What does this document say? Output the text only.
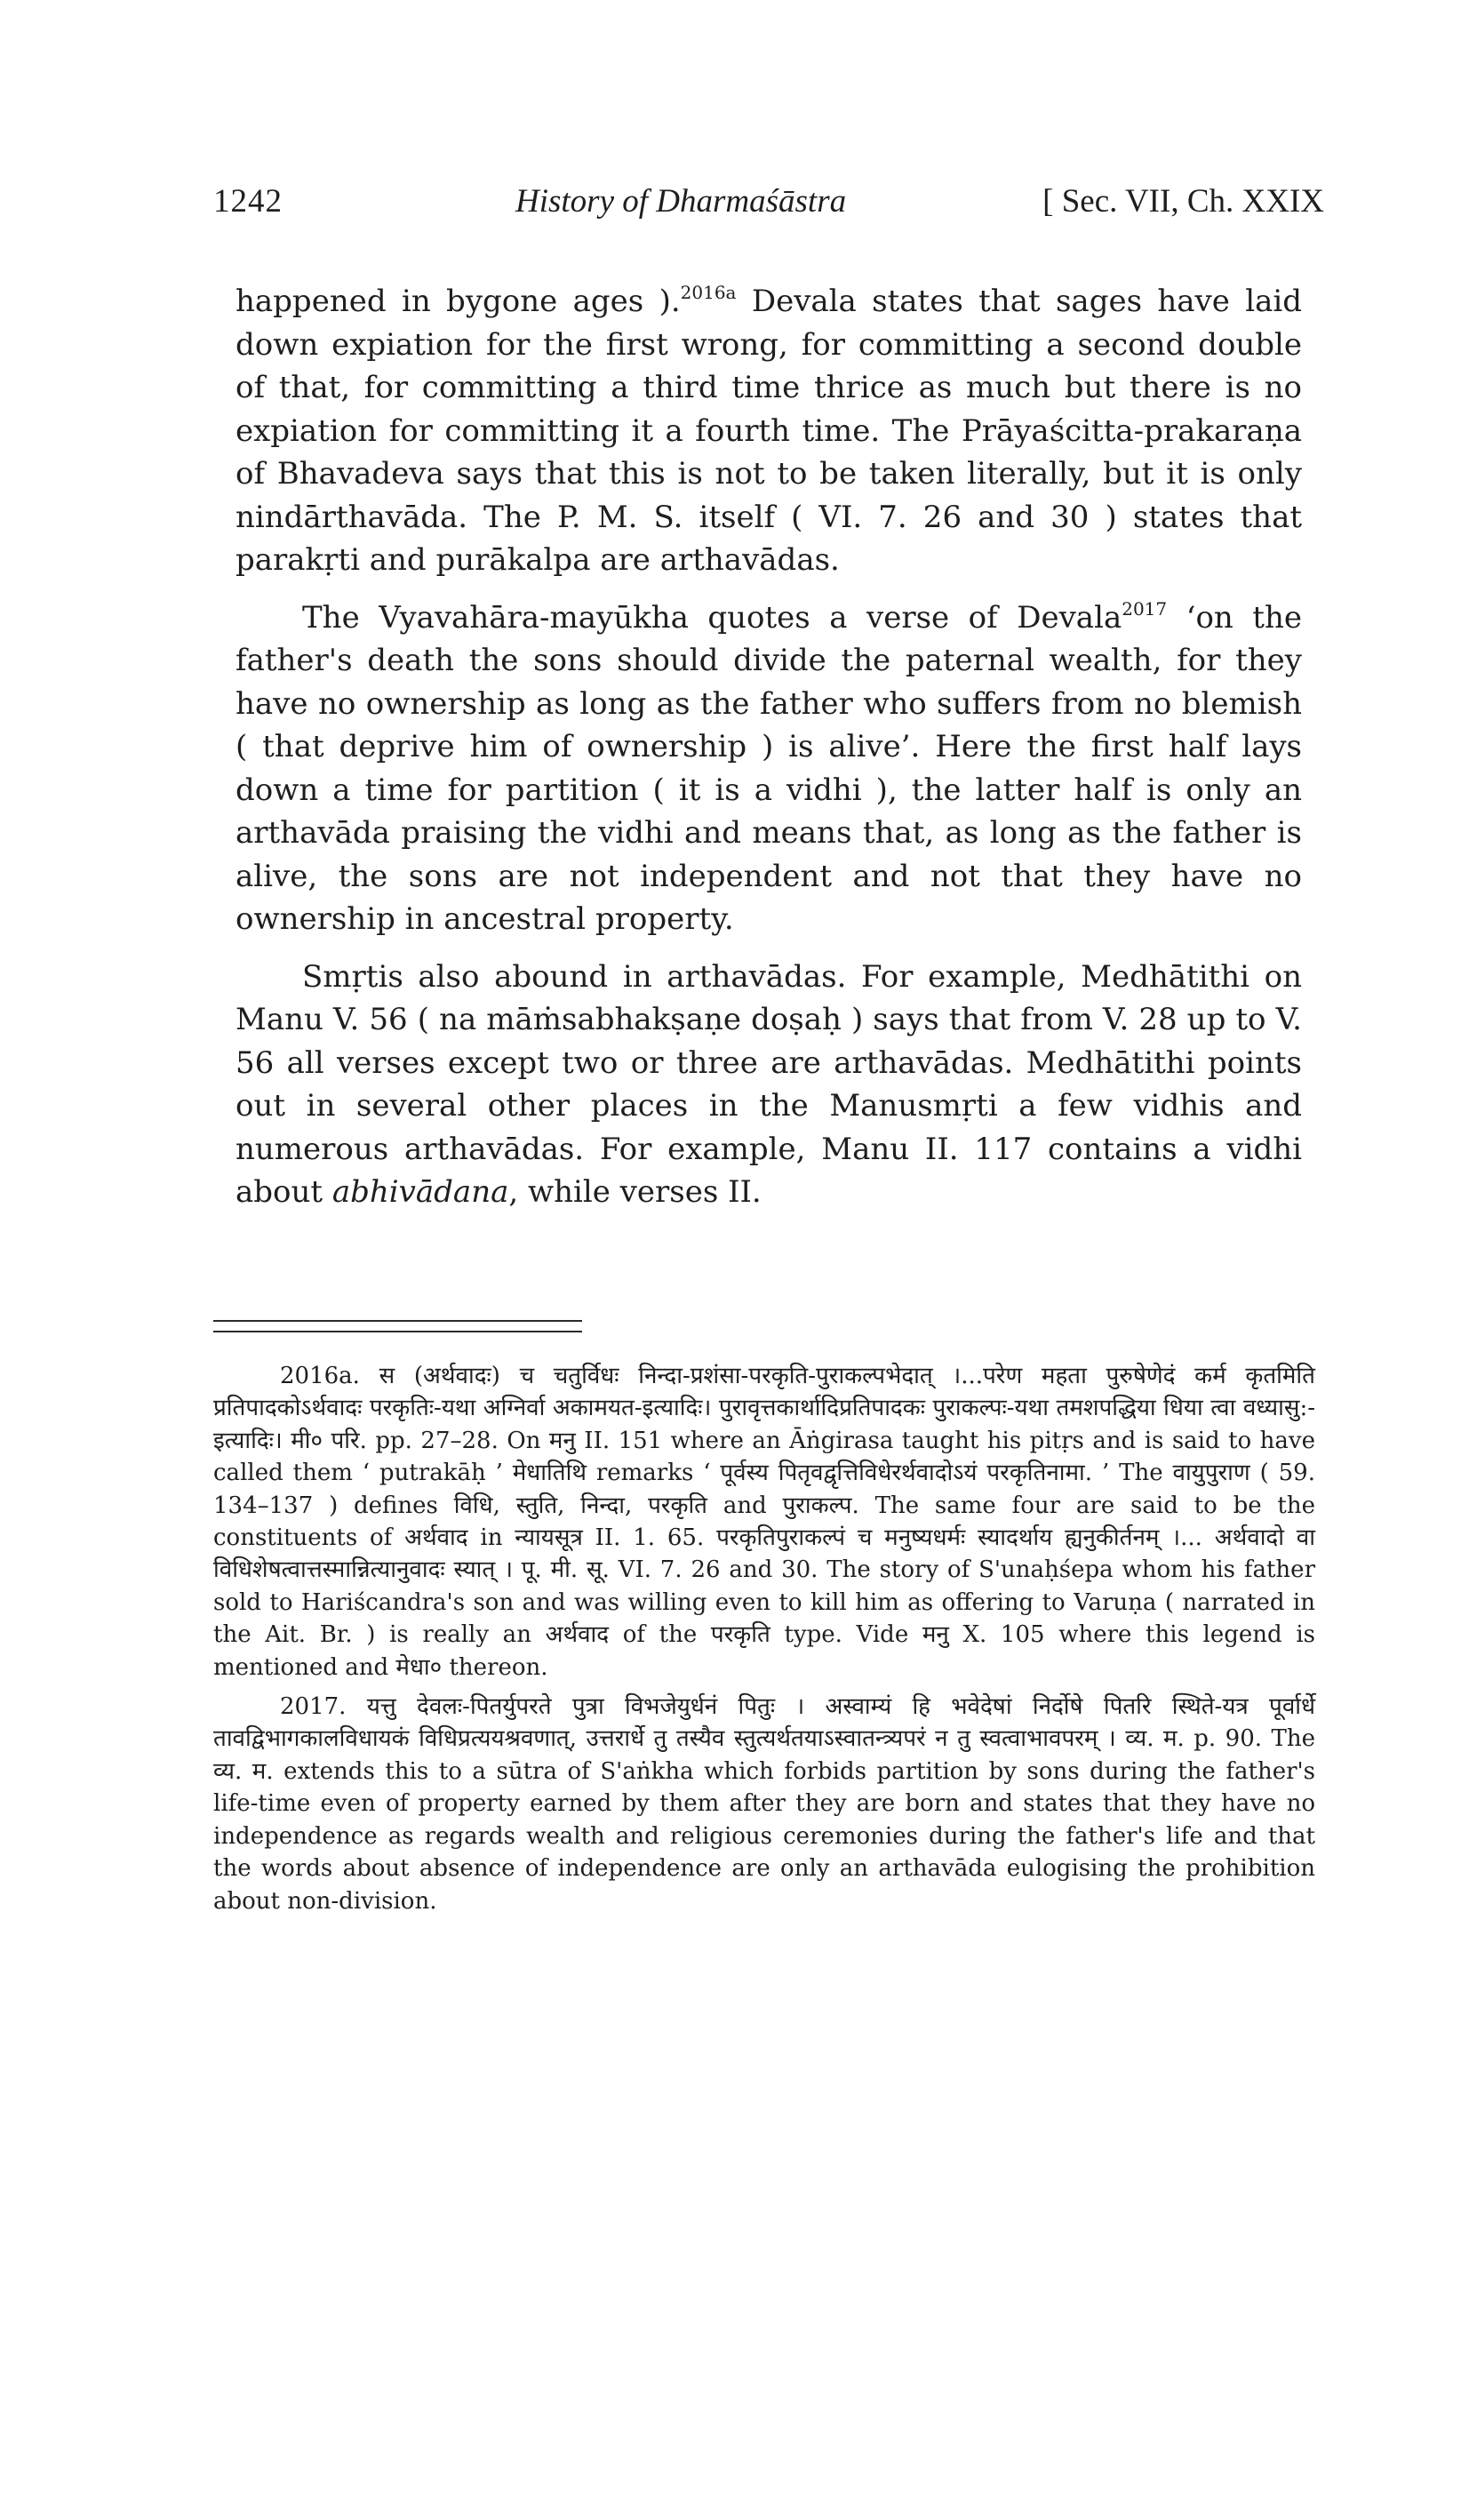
1242	History of Dharmaśāstra	[ Sec. VII, Ch. XXIX

happened in bygone ages ).$^{2016a}$ Devala states that sages have laid down expiation for the first wrong, for committing a second double of that, for committing a third time thrice as much but there is no expiation for committing it a fourth time. The Prāyaścitta-prakaraṇa of Bhavadeva says that this is not to be taken literally, but it is only nindārthavāda. The P. M. S. itself ( VI. 7. 26 and 30 ) states that parakṛti and purākalpa are arthavādas.

The Vyavahāra-mayūkha quotes a verse of Devala$^{2017}$ ‘on the father's death the sons should divide the paternal wealth, for they have no ownership as long as the father who suffers from no blemish ( that deprive him of ownership ) is alive’. Here the first half lays down a time for partition ( it is a vidhi ), the latter half is only an arthavāda praising the vidhi and means that, as long as the father is alive, the sons are not independent and not that they have no ownership in ancestral property.

Smṛtis also abound in arthavādas. For example, Medhātithi on Manu V. 56 ( na māṁsabhakṣaṇe doṣaḥ ) says that from V. 28 up to V. 56 all verses except two or three are arthavādas. Medhātithi points out in several other places in the Manusmṛti a few vidhis and numerous arthavādas. For example, Manu II. 117 contains a vidhi about abhivādana, while verses II.

2016a. स (अर्थवादः) च चतुर्विधः निन्दा-प्रशंसा-परकृति-पुराकल्पभेदात् ।...परेण महता पुरुषेणेदं कर्म कृतमिति प्रतिपादकोऽर्थवादः परकृतिः-यथा अग्निर्वा अकामयत-इत्यादिः। पुरावृत्तकार्थादिप्रतिपादकः पुराकल्पः-यथा तमशपद्धिया धिया त्वा वध्यासु:-इत्यादिः। मी० परि. pp. 27–28. On मनु II. 151 where an Āṅgirasa taught his pitṛs and is said to have called them ‘ putrakāḥ ’ मेधातिथि remarks ‘ पूर्वस्य पितृवद्वृत्तिविधेरर्थवादोऽयं परकृतिनामा. ’ The वायुपुराण ( 59. 134–137 ) defines विधि, स्तुति, निन्दा, परकृति and पुराकल्प. The same four are said to be the constituents of अर्थवाद in न्यायसूत्र II. 1. 65. परकृतिपुराकल्पं च मनुष्यधर्मः स्यादर्थाय ह्यनुकीर्तनम् ।... अर्थवादो वा विधिशेषत्वात्तस्मान्नित्यानुवादः स्यात् । पू. मी. सू. VI. 7. 26 and 30. The story of S'unaḥśepa whom his father sold to Hariścandra's son and was willing even to kill him as offering to Varuṇa ( narrated in the Ait. Br. ) is really an अर्थवाद of the परकृति type. Vide मनु X. 105 where this legend is mentioned and मेधा० thereon.

2017. यत्तु देवलः-पितर्युपरते पुत्रा विभजेयुर्धनं पितुः । अस्वाम्यं हि भवेदेषां निर्दोषे पितरि स्थिते-यत्र पूर्वार्धे तावद्विभागकालविधायकं विधिप्रत्ययश्रवणात्, उत्तरार्धे तु तस्यैव स्तुत्यर्थतयाऽस्वातन्त्र्यपरं न तु स्वत्वाभावपरम् । व्य. म. p. 90. The व्य. म. extends this to a sūtra of S'aṅkha which forbids partition by sons during the father's life-time even of property earned by them after they are born and states that they have no independence as regards wealth and religious ceremonies during the father's life and that the words about absence of independence are only an arthavāda eulogising the prohibition about non-division.
